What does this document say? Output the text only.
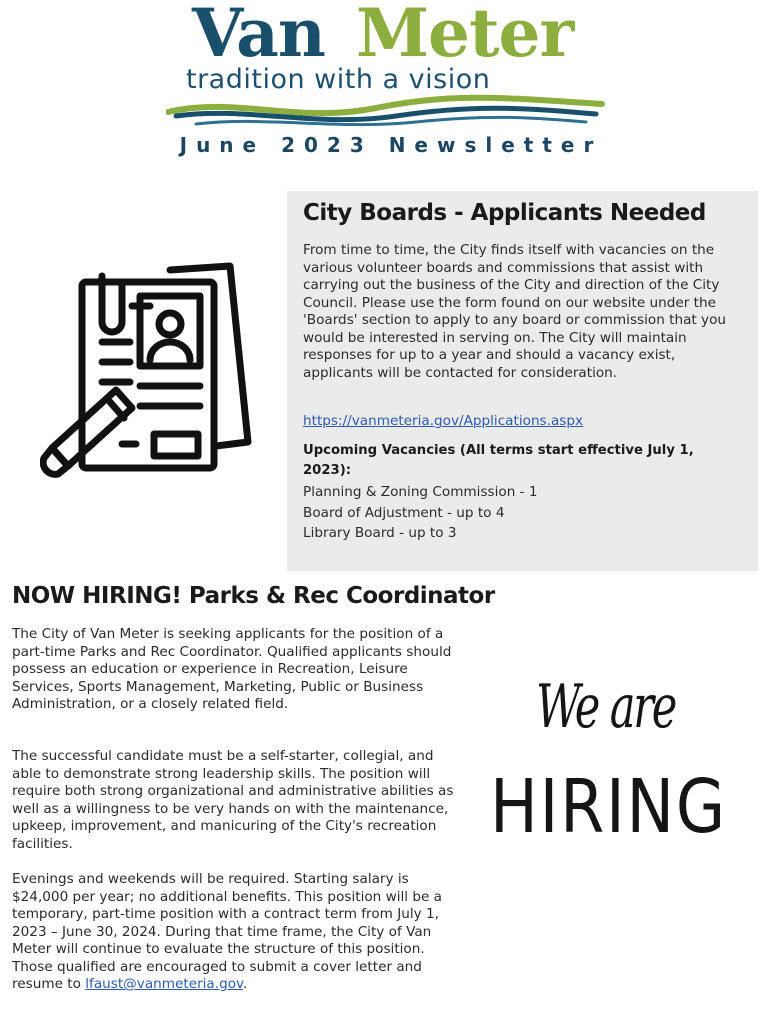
Van Meter
tradition with a vision
June 2023 Newsletter
City Boards - Applicants Needed

From time to time, the City finds itself with vacancies on the various volunteer boards and commissions that assist with carrying out the business of the City and direction of the City Council. Please use the form found on our website under the 'Boards' section to apply to any board or commission that you would be interested in serving on. The City will maintain responses for up to a year and should a vacancy exist, applicants will be contacted for consideration.

https://vanmeteria.gov/Applications.aspx

Upcoming Vacancies (All terms start effective July 1, 2023):

Planning & Zoning Commission - 1
Board of Adjustment - up to 4
Library Board - up to 3
NOW HIRING! Parks & Rec Coordinator

The City of Van Meter is seeking applicants for the position of a part-time Parks and Rec Coordinator. Qualified applicants should possess an education or experience in Recreation, Leisure Services, Sports Management, Marketing, Public or Business Administration, or a closely related field.

The successful candidate must be a self-starter, collegial, and able to demonstrate strong leadership skills. The position will require both strong organizational and administrative abilities as well as a willingness to be very hands on with the maintenance, upkeep, improvement, and manicuring of the City's recreation facilities.

Evenings and weekends will be required. Starting salary is $24,000 per year; no additional benefits. This position will be a temporary, part-time position with a contract term from July 1, 2023 – June 30, 2024. During that time frame, the City of Van Meter will continue to evaluate the structure of this position. Those qualified are encouraged to submit a cover letter and resume to lfaust@vanmeteria.gov.

We are
HIRING
